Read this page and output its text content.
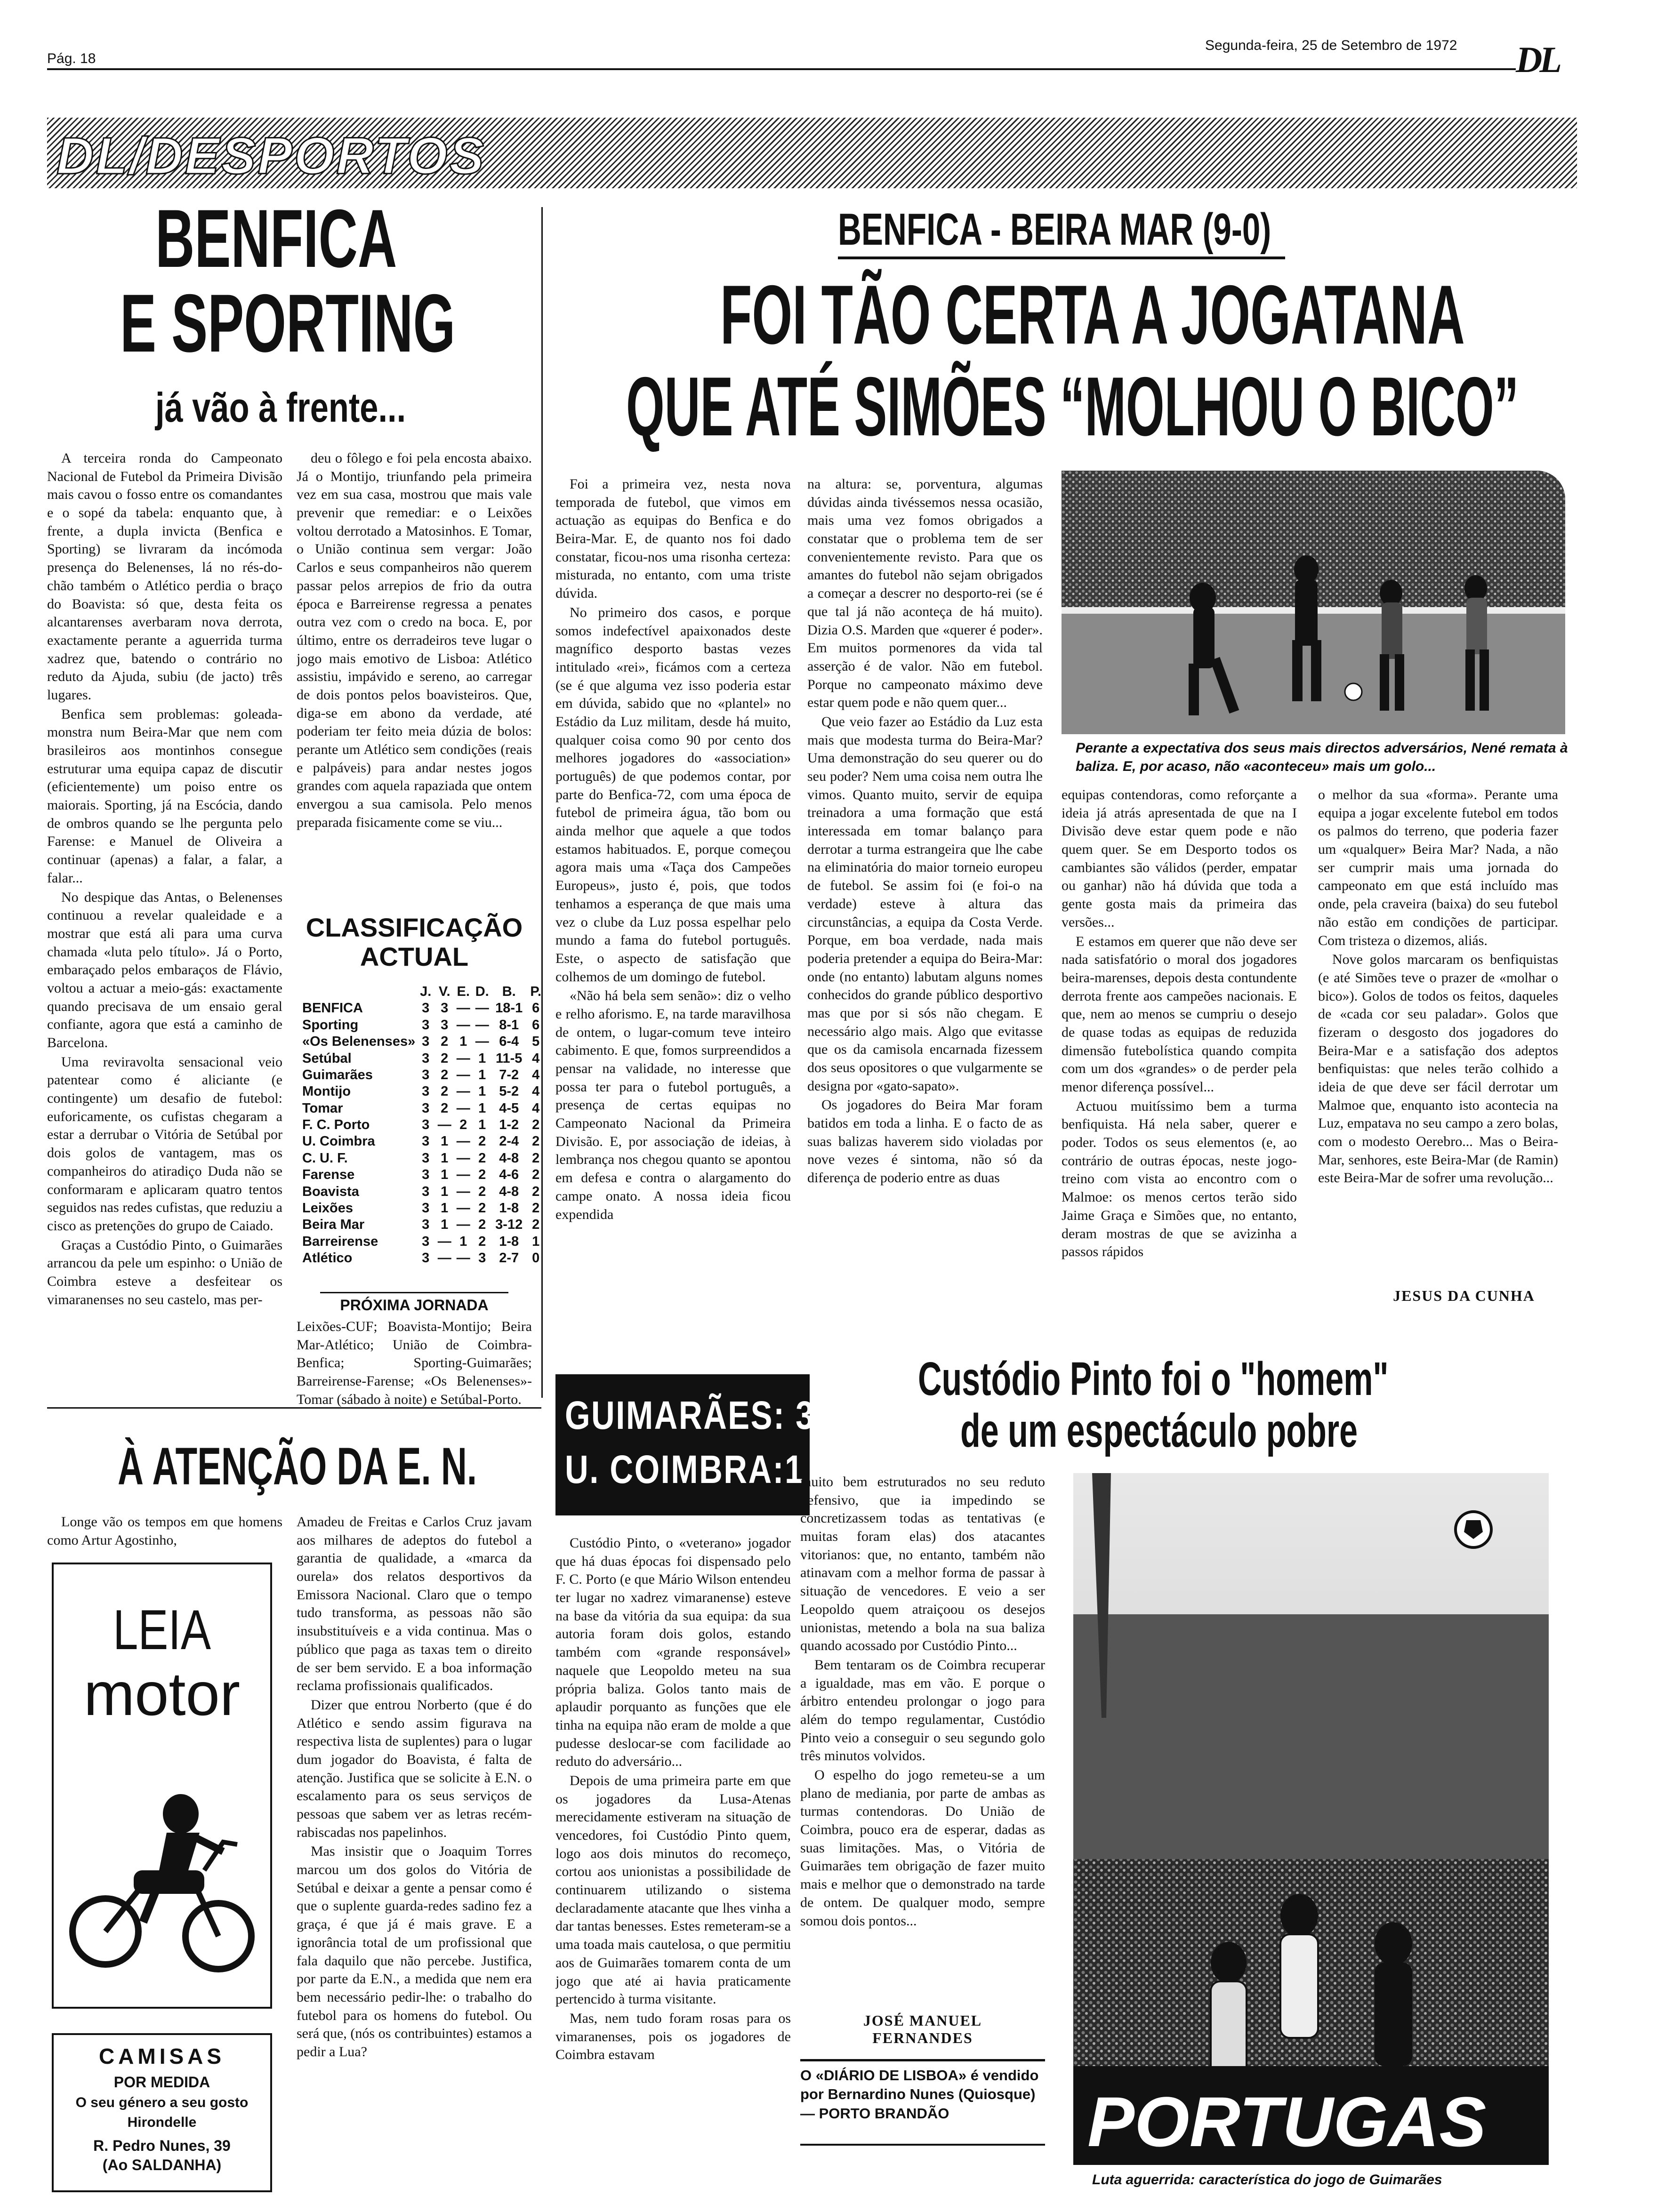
Pág. 18
Segunda-feira, 25 de Setembro de 1972 DL
DL/DESPORTOS
BENFICA
E SPORTING
já vão à frente...

A terceira ronda do Campeonato Nacional de Futebol da Primeira Divisão mais cavou o fosso entre os comandantes e o sopé da tabela: enquanto que, à frente, a dupla invicta (Benfica e Sporting) se livraram da incómoda presença do Belenenses, lá no rés-do-chão também o Atlético perdia o braço do Boavista: só que, desta feita os alcantarenses averbaram nova derrota, exactamente perante a aguerrida turma xadrez que, batendo o contrário no reduto da Ajuda, subiu (de jacto) três lugares.

Benfica sem problemas: goleada-monstra num Beira-Mar que nem com brasileiros aos montinhos consegue estruturar uma equipa capaz de discutir (eficientemente) um poiso entre os maiorais. Sporting, já na Escócia, dando de ombros quando se lhe pergunta pelo Farense: e Manuel de Oliveira a continuar (apenas) a falar, a falar, a falar...

No despique das Antas, o Belenenses continuou a revelar qualeidade e a mostrar que está ali para uma curva chamada «luta pelo título». Já o Porto, embaraçado pelos embaraços de Flávio, voltou a actuar a meio-gás: exactamente quando precisava de um ensaio geral confiante, agora que está a caminho de Barcelona.

Uma reviravolta sensacional veio patentear como é aliciante (e contingente) um desafio de futebol: euforicamente, os cufistas chegaram a estar a derrubar o Vitória de Setúbal por dois golos de vantagem, mas os companheiros do atiradiço Duda não se conformaram e aplicaram quatro tentos seguidos nas redes cufistas, que reduziu a cisco as pretenções do grupo de Caiado.

Graças a Custódio Pinto, o Guimarães arrancou da pele um espinho: o União de Coimbra esteve a desfeitear os vimaranenses no seu castelo, mas per-

deu o fôlego e foi pela encosta abaixo. Já o Montijo, triunfando pela primeira vez em sua casa, mostrou que mais vale prevenir que remediar: e o Leixões voltou derrotado a Matosinhos. E Tomar, o União continua sem vergar: João Carlos e seus companheiros não querem passar pelos arrepios de frio da outra época e Barreirense regressa a penates outra vez com o credo na boca. E, por último, entre os derradeiros teve lugar o jogo mais emotivo de Lisboa: Atlético assistiu, impávido e sereno, ao carregar de dois pontos pelos boavisteiros. Que, diga-se em abono da verdade, até poderiam ter feito meia dúzia de bolos: perante um Atlético sem condições (reais e palpáveis) para andar nestes jogos grandes com aquela rapaziada que ontem envergou a sua camisola. Pelo menos preparada fisicamente come se viu...

CLASSIFICAÇÃO
ACTUAL
	J.	V.	E.	D.	B.	P.
BENFICA	3	3	—	—	18-1	6
Sporting	3	3	—	—	8-1	6
«Os Belenenses»	3	2	1	—	6-4	5
Setúbal	3	2	—	1	11-5	4
Guimarães	3	2	—	1	7-2	4
Montijo	3	2	—	1	5-2	4
Tomar	3	2	—	1	4-5	4
F. C. Porto	3	—	2	1	1-2	2
U. Coimbra	3	1	—	2	2-4	2
C. U. F.	3	1	—	2	4-8	2
Farense	3	1	—	2	4-6	2
Boavista	3	1	—	2	4-8	2
Leixões	3	1	—	2	1-8	2
Beira Mar	3	1	—	2	3-12	2
Barreirense	3	—	1	2	1-8	1
Atlético	3	—	—	3	2-7	0
PRÓXIMA JORNADA
Leixões-CUF; Boavista-Montijo; Beira Mar-Atlético; União de Coimbra-Benfica; Sporting-Guimarães; Barreirense-Farense; «Os Belenenses»-Tomar (sábado à noite) e Setúbal-Porto.
BENFICA - BEIRA MAR (9-0)
FOI TÃO CERTA A JOGATANA
QUE ATÉ SIMÕES “MOLHOU O BICO”

Foi a primeira vez, nesta nova temporada de futebol, que vimos em actuação as equipas do Benfica e do Beira-Mar. E, de quanto nos foi dado constatar, ficou-nos uma risonha certeza: misturada, no entanto, com uma triste dúvida.

No primeiro dos casos, e porque somos indefectível apaixonados deste magnífico desporto bastas vezes intitulado «rei», ficámos com a certeza (se é que alguma vez isso poderia estar em dúvida, sabido que no «plantel» no Estádio da Luz militam, desde há muito, qualquer coisa como 90 por cento dos melhores jogadores do «association» português) de que podemos contar, por parte do Benfica-72, com uma época de futebol de primeira água, tão bom ou ainda melhor que aquele a que todos estamos habituados. E, porque começou agora mais uma «Taça dos Campeões Europeus», justo é, pois, que todos tenhamos a esperança de que mais uma vez o clube da Luz possa espelhar pelo mundo a fama do futebol português. Este, o aspecto de satisfação que colhemos de um domingo de futebol.

«Não há bela sem senão»: diz o velho e relho aforismo. E, na tarde maravilhosa de ontem, o lugar-comum teve inteiro cabimento. E que, fomos surpreendidos a pensar na validade, no interesse que possa ter para o futebol português, a presença de certas equipas no Campeonato Nacional da Primeira Divisão. E, por associação de ideias, à lembrança nos chegou quanto se apontou em defesa e contra o alargamento do campe onato. A nossa ideia ficou expendida

na altura: se, porventura, algumas dúvidas ainda tivéssemos nessa ocasião, mais uma vez fomos obrigados a constatar que o problema tem de ser convenientemente revisto. Para que os amantes do futebol não sejam obrigados a começar a descrer no desporto-rei (se é que tal já não aconteça de há muito). Dizia O.S. Marden que «querer é poder». Em muitos pormenores da vida tal asserção é de valor. Não em futebol. Porque no campeonato máximo deve estar quem pode e não quem quer...

Que veio fazer ao Estádio da Luz esta mais que modesta turma do Beira-Mar? Uma demonstração do seu querer ou do seu poder? Nem uma coisa nem outra lhe vimos. Quanto muito, servir de equipa treinadora a uma formação que está interessada em tomar balanço para derrotar a turma estrangeira que lhe cabe na eliminatória do maior torneio europeu de futebol. Se assim foi (e foi-o na verdade) esteve à altura das circunstâncias, a equipa da Costa Verde. Porque, em boa verdade, nada mais poderia pretender a equipa do Beira-Mar: onde (no entanto) labutam alguns nomes conhecidos do grande público desportivo mas que por si sós não chegam. E necessário algo mais. Algo que evitasse que os da camisola encarnada fizessem dos seus opositores o que vulgarmente se designa por «gato-sapato».

Os jogadores do Beira Mar foram batidos em toda a linha. E o facto de as suas balizas haverem sido violadas por nove vezes é sintoma, não só da diferença de poderio entre as duas

Perante a expectativa dos seus mais directos adversários, Nené remata à baliza. E, por acaso, não «aconteceu» mais um golo...

equipas contendoras, como reforçante a ideia já atrás apresentada de que na I Divisão deve estar quem pode e não quem quer. Se em Desporto todos os cambiantes são válidos (perder, empatar ou ganhar) não há dúvida que toda a gente gosta mais da primeira das versões...

E estamos em querer que não deve ser nada satisfatório o moral dos jogadores beira-marenses, depois desta contundente derrota frente aos campeões nacionais. E que, nem ao menos se cumpriu o desejo de quase todas as equipas de reduzida dimensão futebolística quando compita com um dos «grandes» o de perder pela menor diferença possível...

Actuou muitíssimo bem a turma benfiquista. Há nela saber, querer e poder. Todos os seus elementos (e, ao contrário de outras épocas, neste jogo-treino com vista ao encontro com o Malmoe: os menos certos terão sido Jaime Graça e Simões que, no entanto, deram mostras de que se avizinha a passos rápidos

o melhor da sua «forma». Perante uma equipa a jogar excelente futebol em todos os palmos do terreno, que poderia fazer um «qualquer» Beira Mar? Nada, a não ser cumprir mais uma jornada do campeonato em que está incluído mas onde, pela craveira (baixa) do seu futebol não estão em condições de participar. Com tristeza o dizemos, aliás.

Nove golos marcaram os benfiquistas (e até Simões teve o prazer de «molhar o bico»). Golos de todos os feitos, daqueles de «cada cor seu paladar». Golos que fizeram o desgosto dos jogadores do Beira-Mar e a satisfação dos adeptos benfiquistas: que neles terão colhido a ideia de que deve ser fácil derrotar um Malmoe que, enquanto isto acontecia na Luz, empatava no seu campo a zero bolas, com o modesto Oerebro... Mas o Beira-Mar, senhores, este Beira-Mar (de Ramin) este Beira-Mar de sofrer uma revolução...

JESUS DA CUNHA
À ATENÇÃO DA E. N.
Longe vão os tempos em que homens como Artur Agostinho,

Amadeu de Freitas e Carlos Cruz javam aos milhares de adeptos do futebol a garantia de qualidade, a «marca da ourela» dos relatos desportivos da Emissora Nacional. Claro que o tempo tudo transforma, as pessoas não são insubstituíveis e a vida continua. Mas o público que paga as taxas tem o direito de ser bem servido. E a boa informação reclama profissionais qualificados.

Dizer que entrou Norberto (que é do Atlético e sendo assim figurava na respectiva lista de suplentes) para o lugar dum jogador do Boavista, é falta de atenção. Justifica que se solicite à E.N. o escalamento para os seus serviços de pessoas que sabem ver as letras recém-rabiscadas nos papelinhos.

Mas insistir que o Joaquim Torres marcou um dos golos do Vitória de Setúbal e deixar a gente a pensar como é que o suplente guarda-redes sadino fez a graça, é que já é mais grave. E a ignorância total de um profissional que fala daquilo que não percebe. Justifica, por parte da E.N., a medida que nem era bem necessário pedir-lhe: o trabalho do futebol para os homens do futebol. Ou será que, (nós os contribuintes) estamos a pedir a Lua?

LEIA
motor
CAMISAS
POR MEDIDA
O seu género a seu gosto
Hirondelle
R. Pedro Nunes, 39
(Ao SALDANHA)
GUIMARÃES: 3
U. COIMBRA:1
Custódio Pinto foi o "homem"
de um espectáculo pobre

Custódio Pinto, o «veterano» jogador que há duas épocas foi dispensado pelo F. C. Porto (e que Mário Wilson entendeu ter lugar no xadrez vimaranense) esteve na base da vitória da sua equipa: da sua autoria foram dois golos, estando também com «grande responsável» naquele que Leopoldo meteu na sua própria baliza. Golos tanto mais de aplaudir porquanto as funções que ele tinha na equipa não eram de molde a que pudesse deslocar-se com facilidade ao reduto do adversário...

Depois de uma primeira parte em que os jogadores da Lusa-Atenas merecidamente estiveram na situação de vencedores, foi Custódio Pinto quem, logo aos dois minutos do recomeço, cortou aos unionistas a possibilidade de continuarem utilizando o sistema declaradamente atacante que lhes vinha a dar tantas benesses. Estes remeteram-se a uma toada mais cautelosa, o que permitiu aos de Guimarães tomarem conta de um jogo que até ai havia praticamente pertencido à turma visitante.

Mas, nem tudo foram rosas para os vimaranenses, pois os jogadores de Coimbra estavam

muito bem estruturados no seu reduto defensivo, que ia impedindo se concretizassem todas as tentativas (e muitas foram elas) dos atacantes vitorianos: que, no entanto, também não atinavam com a melhor forma de passar à situação de vencedores. E veio a ser Leopoldo quem atraiçoou os desejos unionistas, metendo a bola na sua baliza quando acossado por Custódio Pinto...

Bem tentaram os de Coimbra recuperar a igualdade, mas em vão. E porque o árbitro entendeu prolongar o jogo para além do tempo regulamentar, Custódio Pinto veio a conseguir o seu segundo golo três minutos volvidos.

O espelho do jogo remeteu-se a um plano de mediania, por parte de ambas as turmas contendoras. Do União de Coimbra, pouco era de esperar, dadas as suas limitações. Mas, o Vitória de Guimarães tem obrigação de fazer muito mais e melhor que o demonstrado na tarde de ontem. De qualquer modo, sempre somou dois pontos...

JOSÉ MANUEL
FERNANDES
O «DIÁRIO DE LISBOA» é vendido por Bernardino Nunes (Quiosque) — PORTO BRANDÃO	PORTUGAS
Luta aguerrida: característica do jogo de Guimarães
